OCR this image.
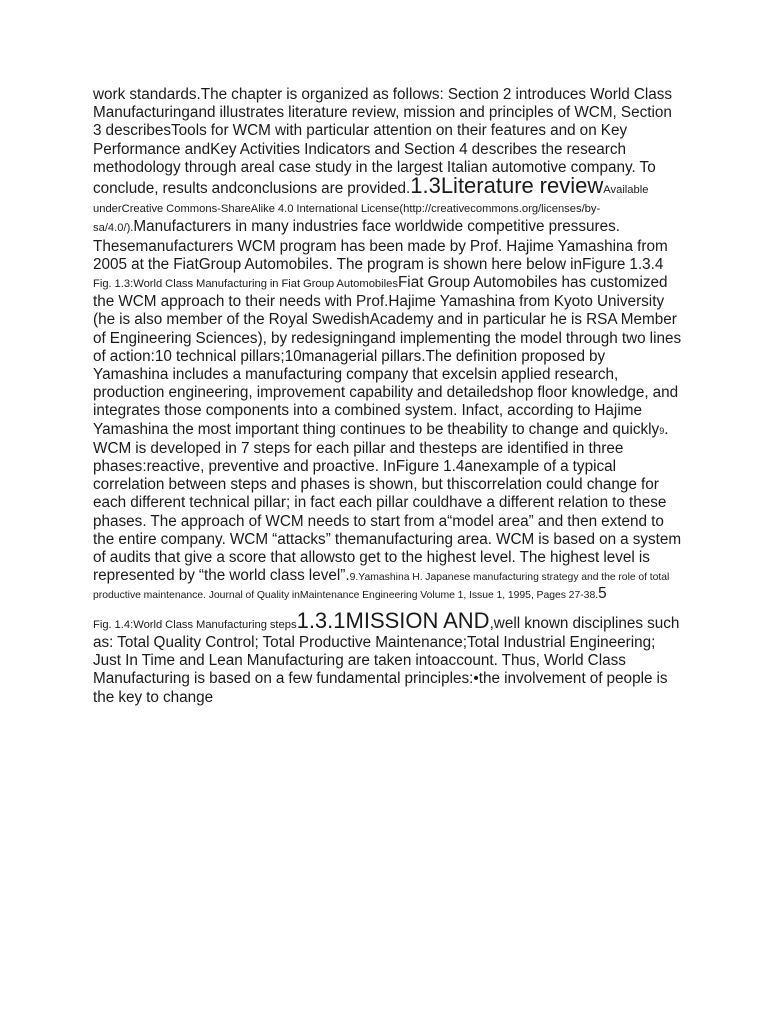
work standards.The chapter is organized as follows: Section 2 introduces World Class Manufacturingand illustrates literature review, mission and principles of WCM, Section 3 describesTools for WCM with particular attention on their features and on Key Performance andKey Activities Indicators and Section 4 describes the research methodology through areal case study in the largest Italian automotive company. To conclude, results andconclusions are provided.1.3Literature reviewAvailable underCreative Commons-ShareAlike 4.0 International License(http://creativecommons.org/licenses/by-sa/4.0/).Manufacturers in many industries face worldwide competitive pressures. Thesemanufacturers WCM program has been made by Prof. Hajime Yamashina from 2005 at the FiatGroup Automobiles. The program is shown here below inFigure 1.3.4

Fig. 1.3:World Class Manufacturing in Fiat Group AutomobilesFiat Group Automobiles has customized the WCM approach to their needs with Prof.Hajime Yamashina from Kyoto University (he is also member of the Royal SwedishAcademy and in particular he is RSA Member of Engineering Sciences), by redesigningand implementing the model through two lines of action:10 technical pillars;10managerial pillars.The definition proposed by Yamashina includes a manufacturing company that excelsin applied research, production engineering, improvement capability and detailedshop floor knowledge, and integrates those components into a combined system. Infact, according to Hajime Yamashina the most important thing continues to be theability to change and quickly9. WCM is developed in 7 steps for each pillar and thesteps are identified in three phases:reactive, preventive and proactive. InFigure 1.4anexample of a typical correlation between steps and phases is shown, but thiscorrelation could change for each different technical pillar; in fact each pillar couldhave a different relation to these phases. The approach of WCM needs to start from a“model area” and then extend to the entire company. WCM “attacks” themanufacturing area. WCM is based on a system of audits that give a score that allowsto get to the highest level. The highest level is represented by “the world class level”.9.Yamashina H. Japanese manufacturing strategy and the role of total productive maintenance. Journal of Quality inMaintenance Engineering Volume 1, Issue 1, 1995, Pages 27-38.5

Fig. 1.4:World Class Manufacturing steps1.3.1MISSION AND,well known disciplines such as: Total Quality Control; Total Productive Maintenance;Total Industrial Engineering; Just In Time and Lean Manufacturing are taken intoaccount. Thus, World Class Manufacturing is based on a few fundamental principles:•the involvement of people is the key to change
